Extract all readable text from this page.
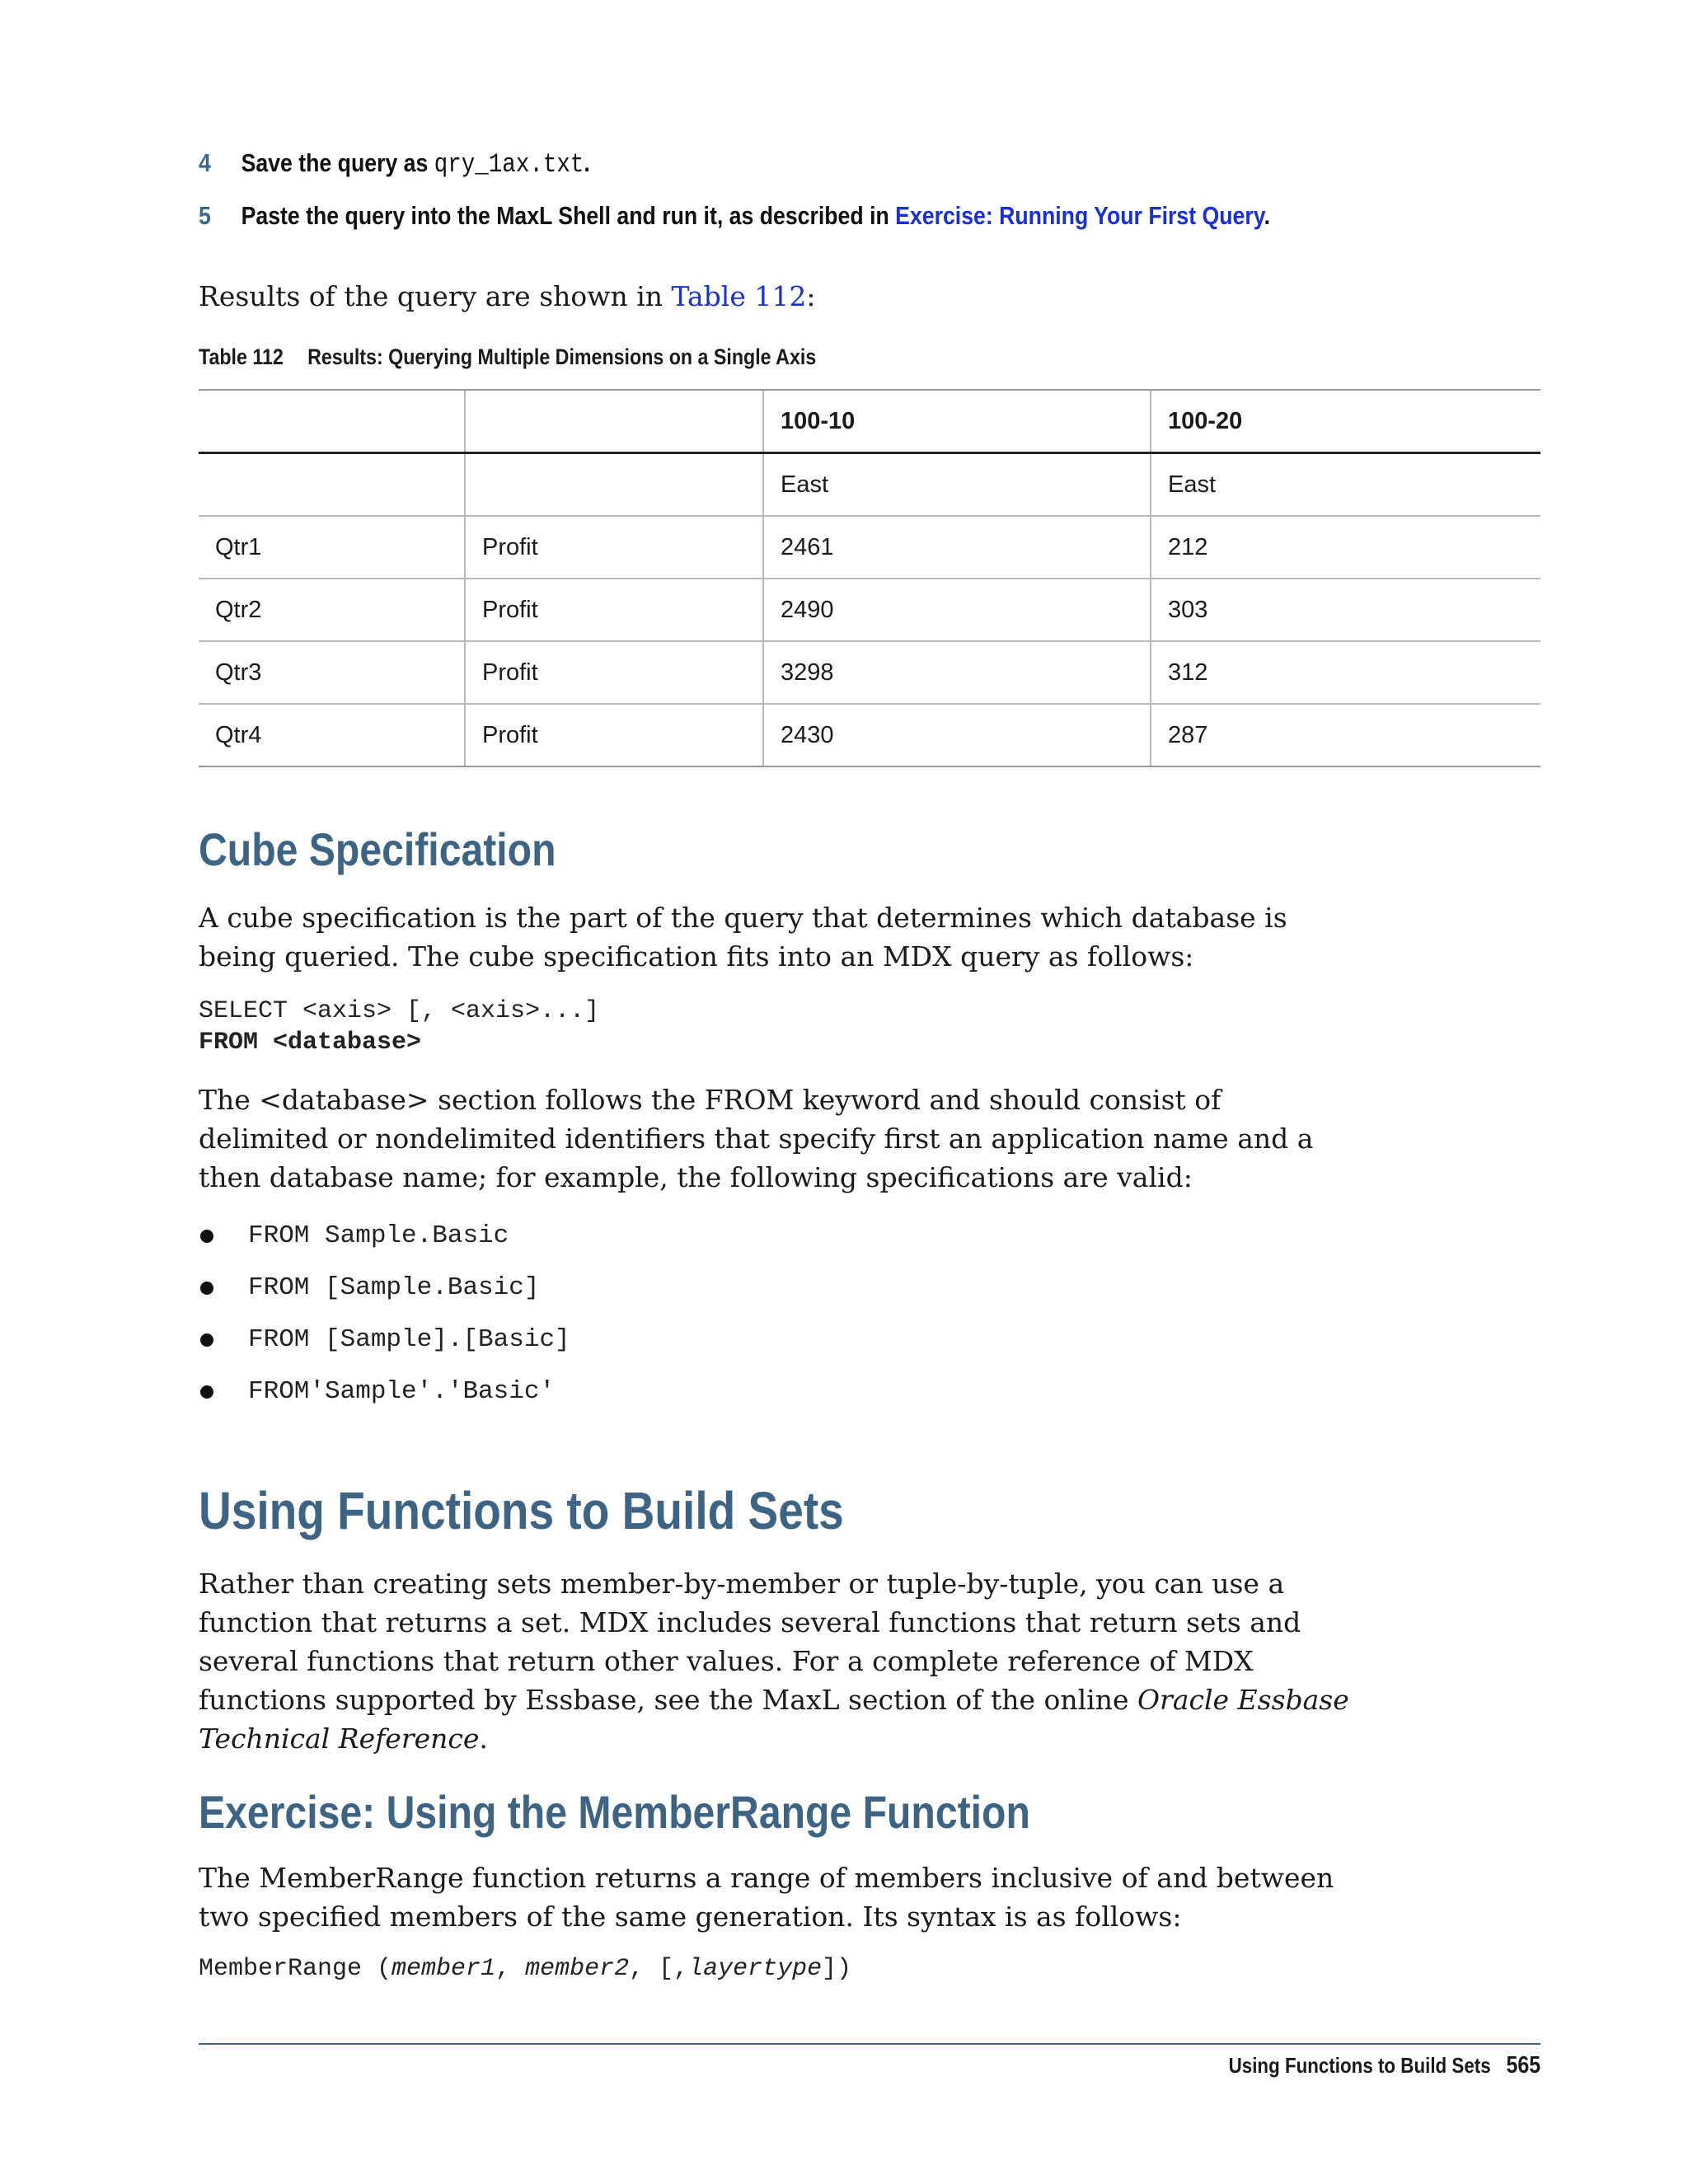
4 Save the query as qry_1ax.txt.
5 Paste the query into the MaxL Shell and run it, as described in Exercise: Running Your First Query.
Results of the query are shown in Table 112:
Table 112 Results: Querying Multiple Dimensions on a Single Axis
		100-10	100-20
		East	East
Qtr1	Profit	2461	212
Qtr2	Profit	2490	303
Qtr3	Profit	3298	312
Qtr4	Profit	2430	287
Cube Specification
A cube specification is the part of the query that determines which database is being queried. The cube specification fits into an MDX query as follows:
SELECT <axis> [, <axis>...]
FROM <database>
The <database> section follows the FROM keyword and should consist of delimited or nondelimited identifiers that specify first an application name and a then database name; for example, the following specifications are valid:
FROM Sample.Basic
FROM [Sample.Basic]
FROM [Sample].[Basic]
FROM'Sample'.'Basic'
Using Functions to Build Sets
Rather than creating sets member-by-member or tuple-by-tuple, you can use a function that returns a set. MDX includes several functions that return sets and several functions that return other values. For a complete reference of MDX functions supported by Essbase, see the MaxL section of the online Oracle Essbase Technical Reference.
Exercise: Using the MemberRange Function
The MemberRange function returns a range of members inclusive of and between two specified members of the same generation. Its syntax is as follows:
MemberRange (member1, member2, [,layertype])
Using Functions to Build Sets 565
